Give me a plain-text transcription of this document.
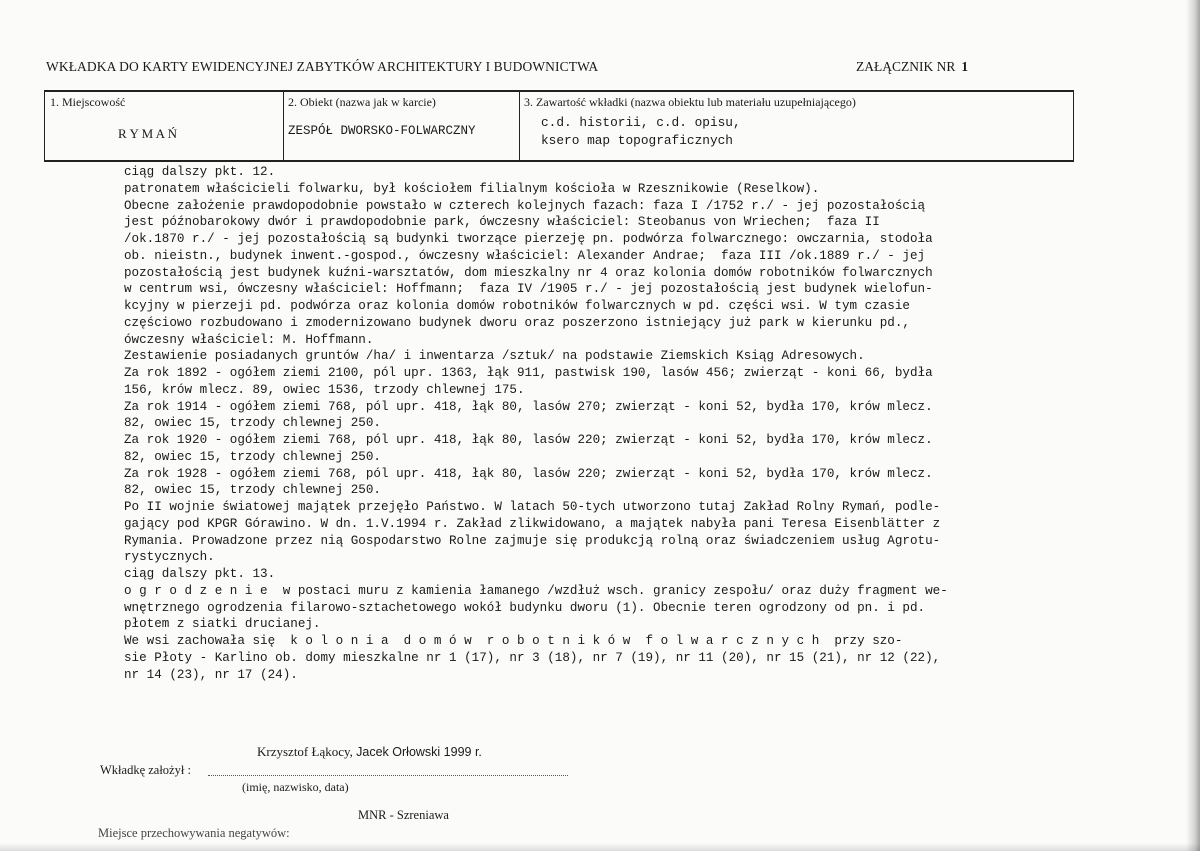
WKŁADKA DO KARTY EWIDENCYJNEJ ZABYTKÓW ARCHITEKTURY I BUDOWNICTWA	ZAŁĄCZNIK NR 1
1. Miejscowość
R Y M A Ń
2. Obiekt (nazwa jak w karcie)
ZESPÓŁ DWORSKO-FOLWARCZNY
3. Zawartość wkładki (nazwa obiektu lub materiału uzupełniającego)
c.d. historii, c.d. opisu,
ksero map topograficznych
ciąg dalszy pkt. 12.
patronatem właścicieli folwarku, był kościołem filialnym kościoła w Rzesznikowie (Reselkow).
Obecne założenie prawdopodobnie powstało w czterech kolejnych fazach: faza I /1752 r./ - jej pozostałością
jest późnobarokowy dwór i prawdopodobnie park, ówczesny właściciel: Steobanus von Wriechen;  faza II
/ok.1870 r./ - jej pozostałością są budynki tworzące pierzeję pn. podwórza folwarcznego: owczarnia, stodoła
ob. nieistn., budynek inwent.-gospod., ówczesny właściciel: Alexander Andrae;  faza III /ok.1889 r./ - jej
pozostałością jest budynek kuźni-warsztatów, dom mieszkalny nr 4 oraz kolonia domów robotników folwarcznych
w centrum wsi, ówczesny właściciel: Hoffmann;  faza IV /1905 r./ - jej pozostałością jest budynek wielofun-
kcyjny w pierzeji pd. podwórza oraz kolonia domów robotników folwarcznych w pd. części wsi. W tym czasie
częściowo rozbudowano i zmodernizowano budynek dworu oraz poszerzono istniejący już park w kierunku pd.,
ówczesny właściciel: M. Hoffmann.
Zestawienie posiadanych gruntów /ha/ i inwentarza /sztuk/ na podstawie Ziemskich Ksiąg Adresowych.
Za rok 1892 - ogółem ziemi 2100, pól upr. 1363, łąk 911, pastwisk 190, lasów 456; zwierząt - koni 66, bydła
156, krów mlecz. 89, owiec 1536, trzody chlewnej 175.
Za rok 1914 - ogółem ziemi 768, pól upr. 418, łąk 80, lasów 270; zwierząt - koni 52, bydła 170, krów mlecz.
82, owiec 15, trzody chlewnej 250.
Za rok 1920 - ogółem ziemi 768, pól upr. 418, łąk 80, lasów 220; zwierząt - koni 52, bydła 170, krów mlecz.
82, owiec 15, trzody chlewnej 250.
Za rok 1928 - ogółem ziemi 768, pól upr. 418, łąk 80, lasów 220; zwierząt - koni 52, bydła 170, krów mlecz.
82, owiec 15, trzody chlewnej 250.
Po II wojnie światowej majątek przejęło Państwo. W latach 50-tych utworzono tutaj Zakład Rolny Rymań, podle-
gający pod KPGR Górawino. W dn. 1.V.1994 r. Zakład zlikwidowano, a majątek nabyła pani Teresa Eisenblätter z
Rymania. Prowadzone przez nią Gospodarstwo Rolne zajmuje się produkcją rolną oraz świadczeniem usług Agrotu-
rystycznych.
ciąg dalszy pkt. 13.
o g r o d z e n i e  w postaci muru z kamienia łamanego /wzdłuż wsch. granicy zespołu/ oraz duży fragment we-
wnętrznego ogrodzenia filarowo-sztachetowego wokół budynku dworu (1). Obecnie teren ogrodzony od pn. i pd.
płotem z siatki drucianej.
We wsi zachowała się  k o l o n i a  d o m ó w  r o b o t n i k ó w  f o l w a r c z n y c h  przy szo-
sie Płoty - Karlino ob. domy mieszkalne nr 1 (17), nr 3 (18), nr 7 (19), nr 11 (20), nr 15 (21), nr 12 (22),
nr 14 (23), nr 17 (24).

Krzysztof Łąkocy, Jacek Orłowski 1999 r.
Wkładkę założył :
(imię, nazwisko, data)
MNR - Szreniawa
Miejsce przechowywania negatywów:
